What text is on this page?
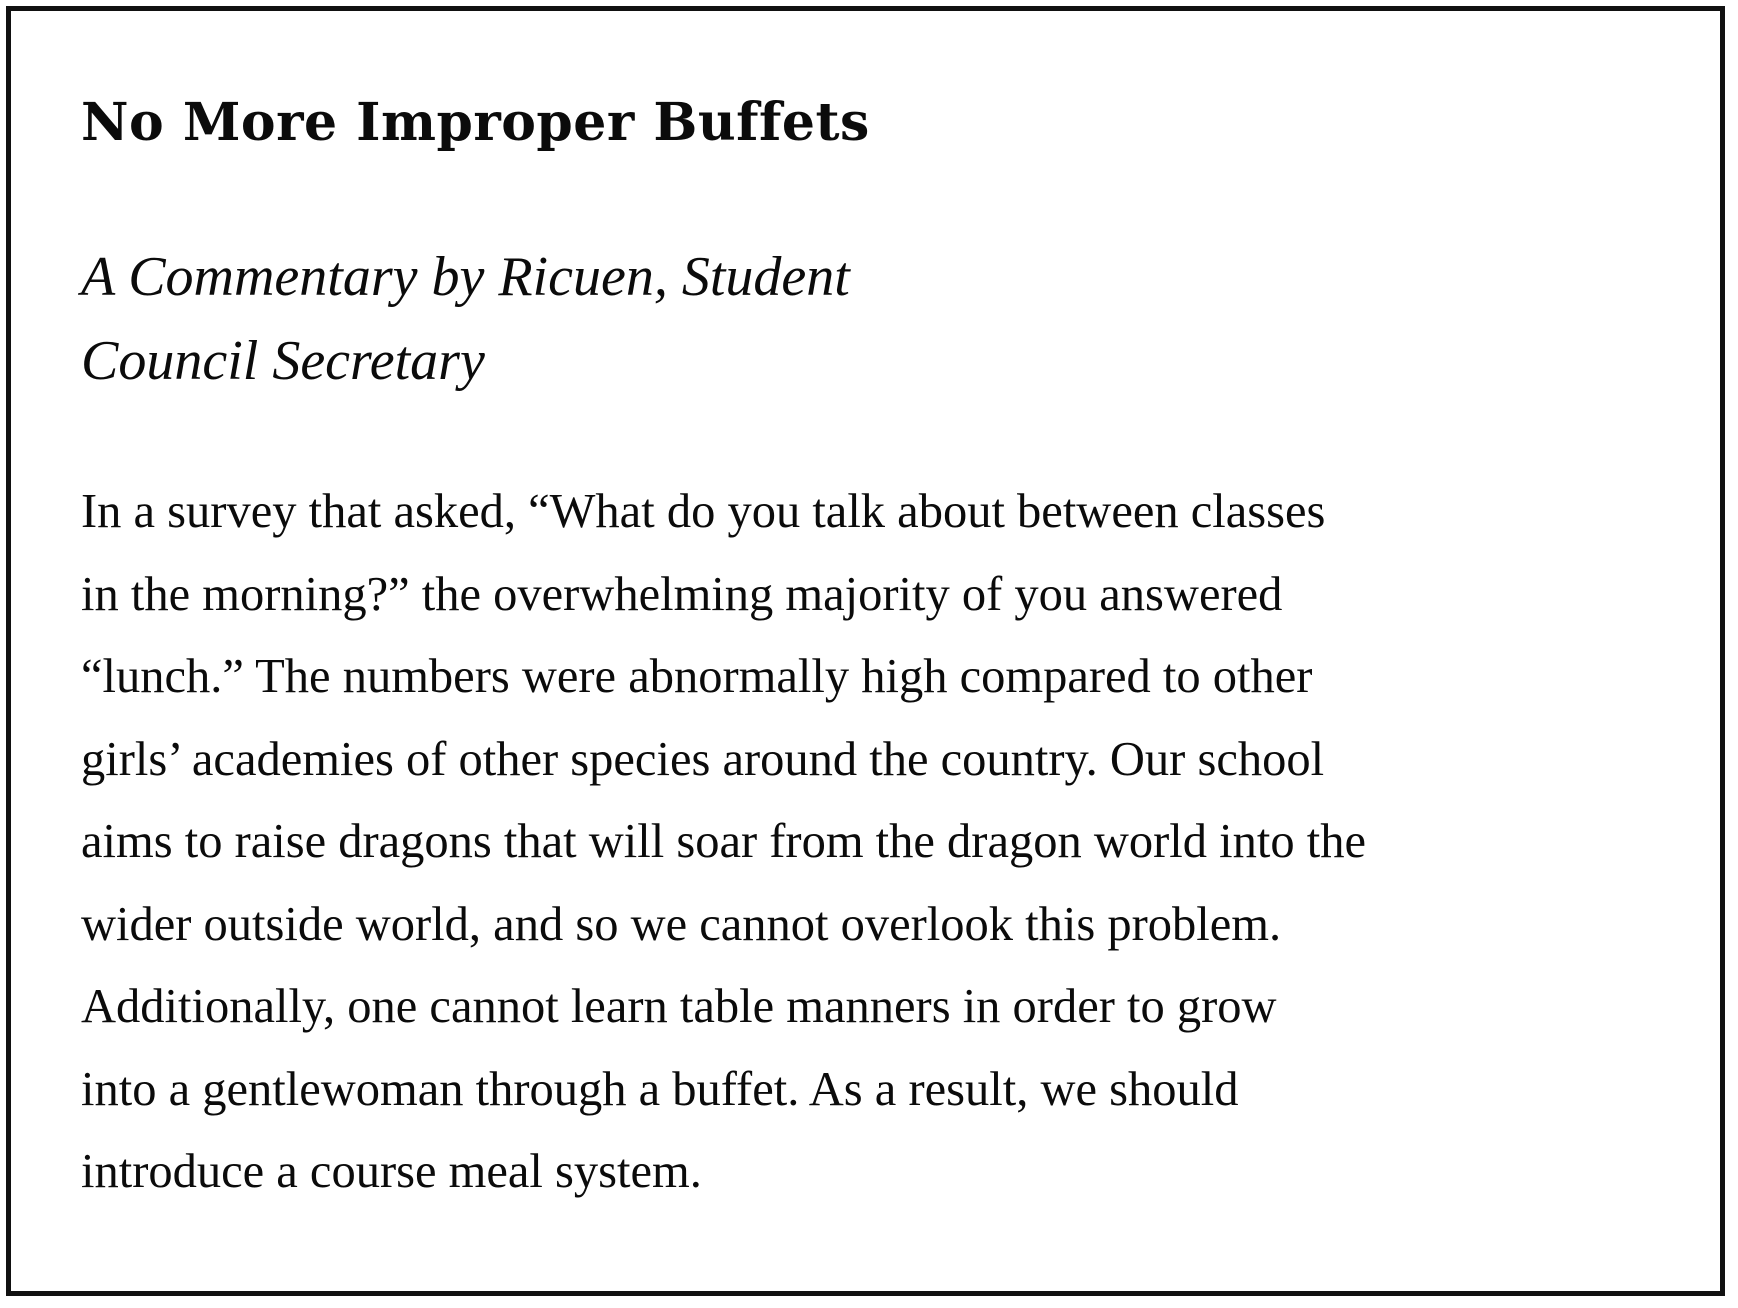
No More Improper Buffets
A Commentary by Ricuen, Student
Council Secretary
In a survey that asked, “What do you talk about between classes
in the morning?” the overwhelming majority of you answered
“lunch.” The numbers were abnormally high compared to other
girls’ academies of other species around the country. Our school
aims to raise dragons that will soar from the dragon world into the
wider outside world, and so we cannot overlook this problem.
Additionally, one cannot learn table manners in order to grow
into a gentlewoman through a buffet. As a result, we should
introduce a course meal system.
